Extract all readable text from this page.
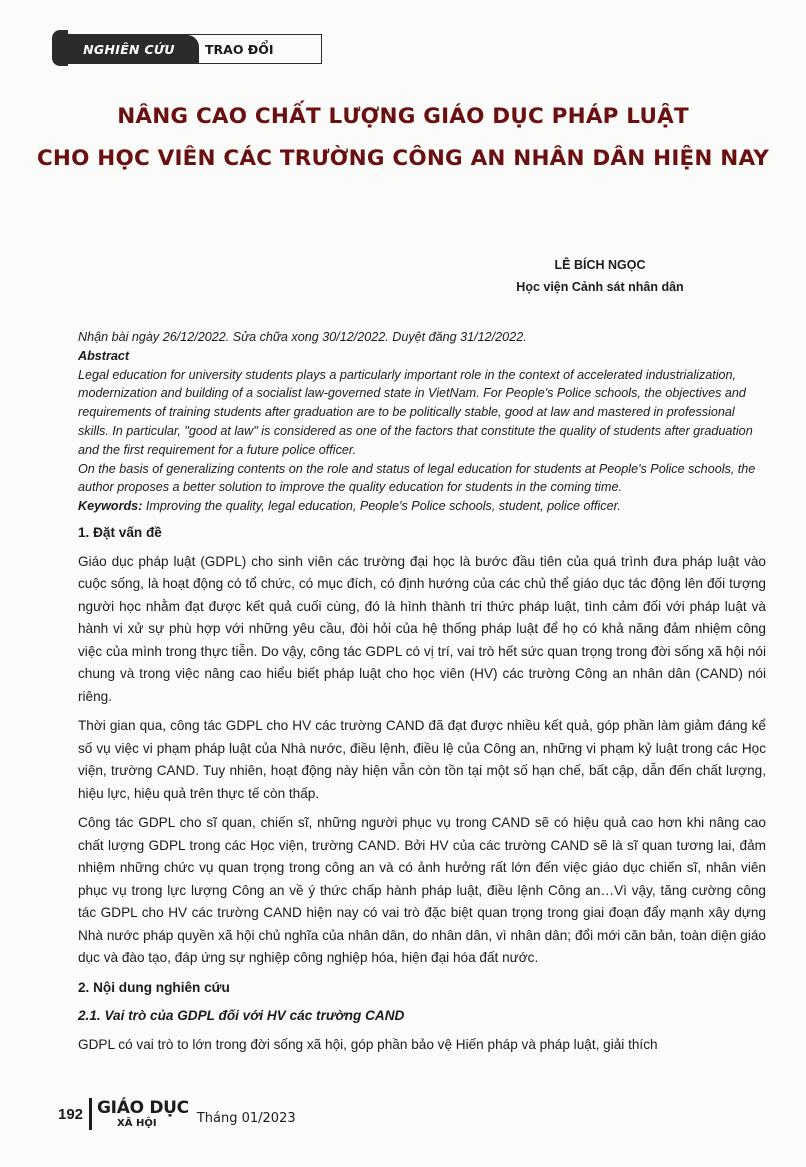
NGHIÊN CỨU	TRAO ĐỔI
NÂNG CAO CHẤT LƯỢNG GIÁO DỤC PHÁP LUẬT
CHO HỌC VIÊN CÁC TRƯỜNG CÔNG AN NHÂN DÂN HIỆN NAY
LÊ BÍCH NGỌC
Học viện Cảnh sát nhân dân

Nhận bài ngày 26/12/2022. Sửa chữa xong 30/12/2022. Duyệt đăng 31/12/2022.

Abstract

Legal education for university students plays a particularly important role in the context of accelerated industrialization, modernization and building of a socialist law-governed state in VietNam. For People's Police schools, the objectives and requirements of training students after graduation are to be politically stable, good at law and mastered in professional skills. In particular, "good at law" is considered as one of the factors that constitute the quality of students after graduation and the first requirement for a future police officer.

On the basis of generalizing contents on the role and status of legal education for students at People's Police schools, the author proposes a better solution to improve the quality education for students in the coming time.

Keywords: Improving the quality, legal education, People's Police schools, student, police officer.

1. Đặt vấn đề

Giáo dục pháp luật (GDPL) cho sinh viên các trường đại học là bước đầu tiên của quá trình đưa pháp luật vào cuộc sống, là hoạt động có tổ chức, có mục đích, có định hướng của các chủ thể giáo dục tác động lên đối tượng người học nhằm đạt được kết quả cuối cùng, đó là hình thành tri thức pháp luật, tình cảm đối với pháp luật và hành vi xử sự phù hợp với những yêu cầu, đòi hỏi của hệ thống pháp luật để họ có khả năng đảm nhiệm công việc của mình trong thực tiễn. Do vậy, công tác GDPL có vị trí, vai trò hết sức quan trọng trong đời sống xã hội nói chung và trong việc nâng cao hiểu biết pháp luật cho học viên (HV) các trường Công an nhân dân (CAND) nói riêng.

Thời gian qua, công tác GDPL cho HV các trường CAND đã đạt được nhiều kết quả, góp phần làm giảm đáng kể số vụ việc vi phạm pháp luật của Nhà nước, điều lệnh, điều lệ của Công an, những vi phạm kỷ luật trong các Học viện, trường CAND. Tuy nhiên, hoạt động này hiện vẫn còn tồn tại một số hạn chế, bất cập, dẫn đến chất lượng, hiệu lực, hiệu quả trên thực tế còn thấp.

Công tác GDPL cho sĩ quan, chiến sĩ, những người phục vụ trong CAND sẽ có hiệu quả cao hơn khi nâng cao chất lượng GDPL trong các Học viện, trường CAND. Bởi HV của các trường CAND sẽ là sĩ quan tương lai, đảm nhiệm những chức vụ quan trọng trong công an và có ảnh hưởng rất lớn đến việc giáo dục chiến sĩ, nhân viên phục vụ trong lực lượng Công an về ý thức chấp hành pháp luật, điều lệnh Công an…Vì vậy, tăng cường công tác GDPL cho HV các trường CAND hiện nay có vai trò đặc biệt quan trọng trong giai đoạn đẩy mạnh xây dựng Nhà nước pháp quyền xã hội chủ nghĩa của nhân dân, do nhân dân, vì nhân dân; đổi mới căn bản, toàn diện giáo dục và đào tạo, đáp ứng sự nghiệp công nghiệp hóa, hiện đại hóa đất nước.

2. Nội dung nghiên cứu

2.1. Vai trò của GDPL đối với HV các trường CAND

GDPL có vai trò to lớn trong đời sống xã hội, góp phần bảo vệ Hiến pháp và pháp luật, giải thích

192 GIÁO DỤC
XÃ HỘI	Tháng 01/2023
